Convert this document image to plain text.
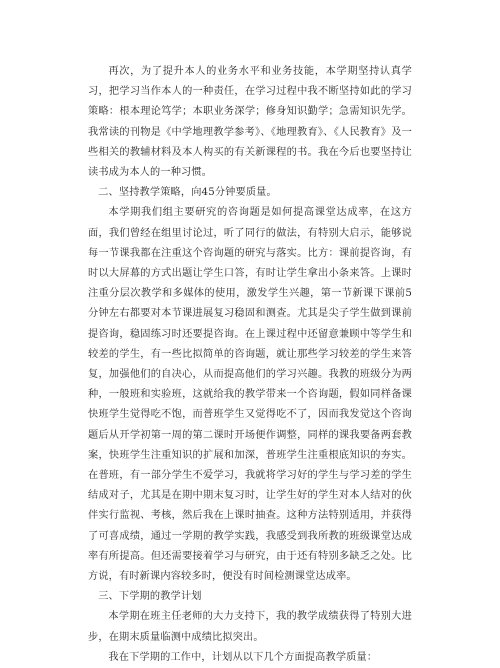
再次，为了提升本人的业务水平和业务技能，本学期坚持认真学习，把学习当作本人的一种责任，在学习过程中我不断坚持如此的学习策略：根本理论笃学；本职业务深学；修身知识勤学；急需知识先学。我常读的刊物是《中学地理教学参考》、《地理教育》、《人民教育》及一些相关的教辅材料及本人构买的有关新课程的书。我在今后也要坚持让读书成为本人的一种习惯。

二、坚持教学策略，向45分钟要质量。

本学期我们组主要研究的咨询题是如何提高课堂达成率，在这方面，我们曾经在组里讨论过，听了同行的做法，有特别大启示，能够说每一节课我都在注重这个咨询题的研究与落实。比方：课前提咨询，有时以大屏幕的方式出题让学生口答，有时让学生拿出小条来答。上课时注重分层次教学和多媒体的使用，激发学生兴趣，第一节新课下课前5分钟左右都要对本节课进展复习稳固和测查。尤其是尖子学生做到课前提咨询，稳固练习时还要提咨询。在上课过程中还留意兼顾中等学生和较差的学生，有一些比拟简单的咨询题，就让那些学习较差的学生来答复，加强他们的自决心，从而提高他们的学习兴趣。我教的班级分为两种，一般班和实验班，这就给我的教学带来一个咨询题，假如同样备课快班学生觉得吃不饱，而普班学生又觉得吃不了，因而我发觉这个咨询题后从开学初第一周的第二课时开场便作调整，同样的课我要备两套教案，快班学生注重知识的扩展和加深，普班学生注重根底知识的夯实。在普班，有一部分学生不爱学习，我就将学习好的学生与学习差的学生结成对子，尤其是在期中期末复习时，让学生好的学生对本人结对的伙伴实行监视、考核，然后我在上课时抽查。这种方法特别适用，并获得了可喜成绩，通过一学期的教学实践，我感受到我所教的班级课堂达成率有所提高。但还需要接着学习与研究，由于还有特别多缺乏之处。比方说，有时新课内容较多时，便没有时间检测课堂达成率。

三、下学期的教学计划

本学期在班主任老师的大力支持下，我的教学成绩获得了特别大进步，在期末质量临测中成绩比拟突出。

我在下学期的工作中，计划从以下几个方面提高教学质量：
